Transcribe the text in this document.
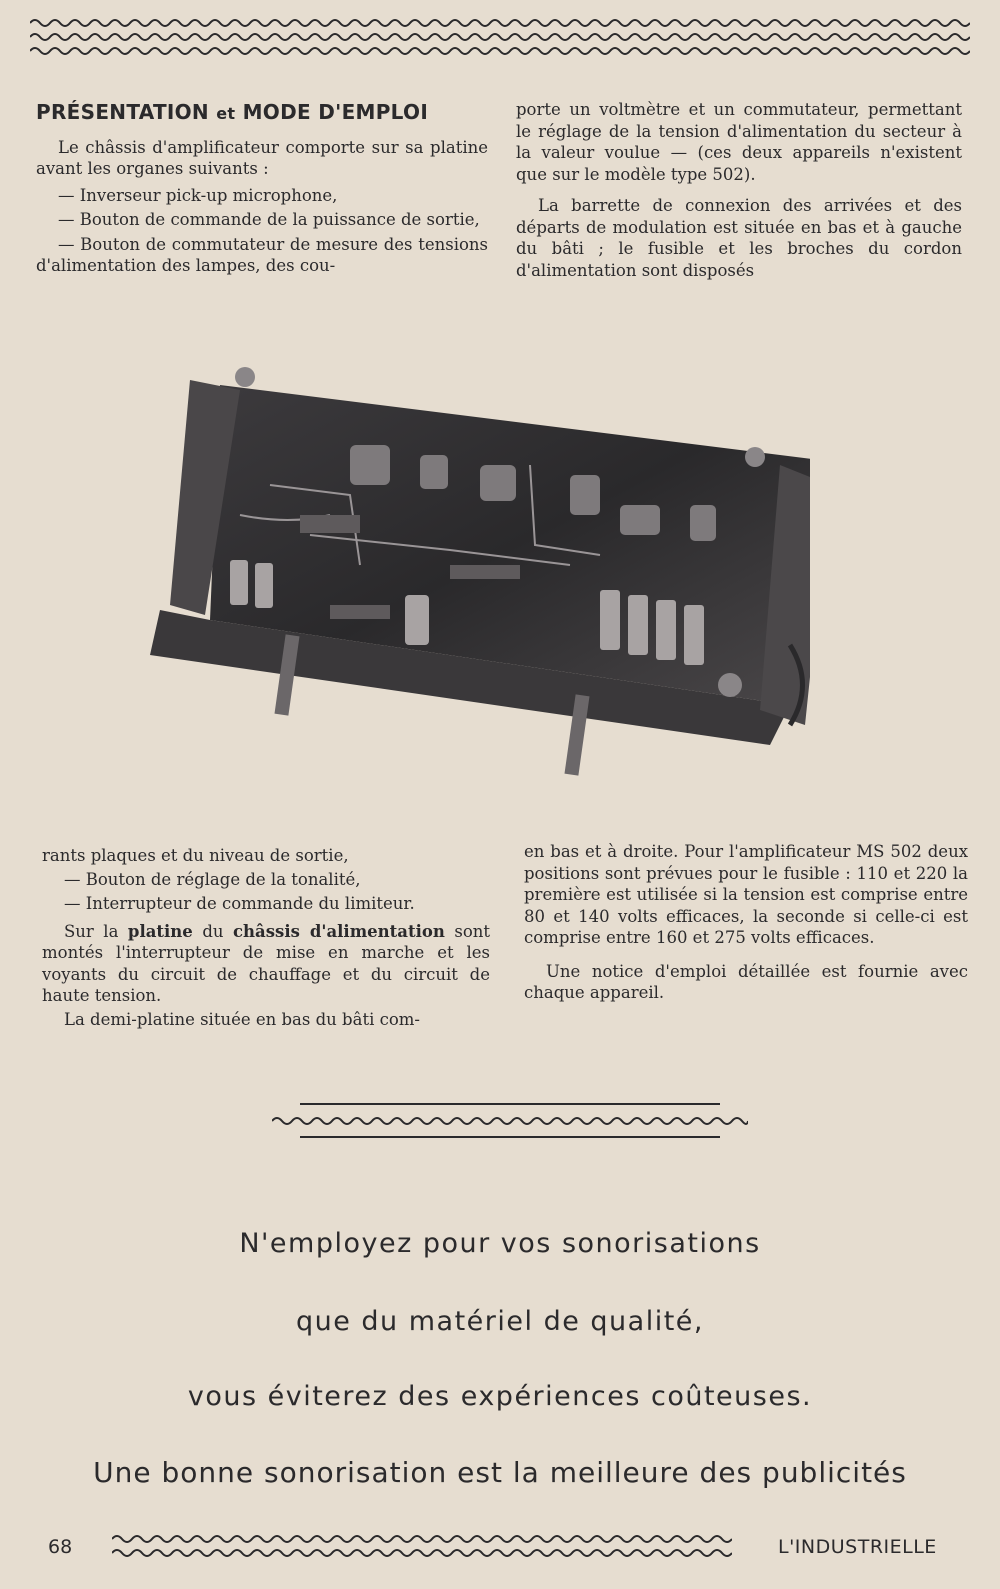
PRÉSENTATION et MODE D'EMPLOI

Le châssis d'amplificateur comporte sur sa platine avant les organes suivants :

— Inverseur pick-up microphone,

— Bouton de commande de la puissance de sortie,

— Bouton de commutateur de mesure des tensions d'alimentation des lampes, des cou-

porte un voltmètre et un commutateur, permettant le réglage de la tension d'alimentation du secteur à la valeur voulue — (ces deux appareils n'existent que sur le modèle type 502).

La barrette de connexion des arrivées et des départs de modulation est située en bas et à gauche du bâti ; le fusible et les broches du cordon d'alimentation sont disposés

rants plaques et du niveau de sortie,

— Bouton de réglage de la tonalité,

— Interrupteur de commande du limiteur.

Sur la platine du châssis d'alimentation sont montés l'interrupteur de mise en marche et les voyants du circuit de chauffage et du circuit de haute tension.

La demi-platine située en bas du bâti com-

en bas et à droite. Pour l'amplificateur MS 502 deux positions sont prévues pour le fusible : 110 et 220 la première est utilisée si la tension est comprise entre 80 et 140 volts efficaces, la seconde si celle-ci est comprise entre 160 et 275 volts efficaces.

Une notice d'emploi détaillée est fournie avec chaque appareil.

N'employez pour vos sonorisations
que du matériel de qualité,
vous éviterez des expériences coûteuses.
Une bonne sonorisation est la meilleure des publicités
68	L'INDUSTRIELLE
